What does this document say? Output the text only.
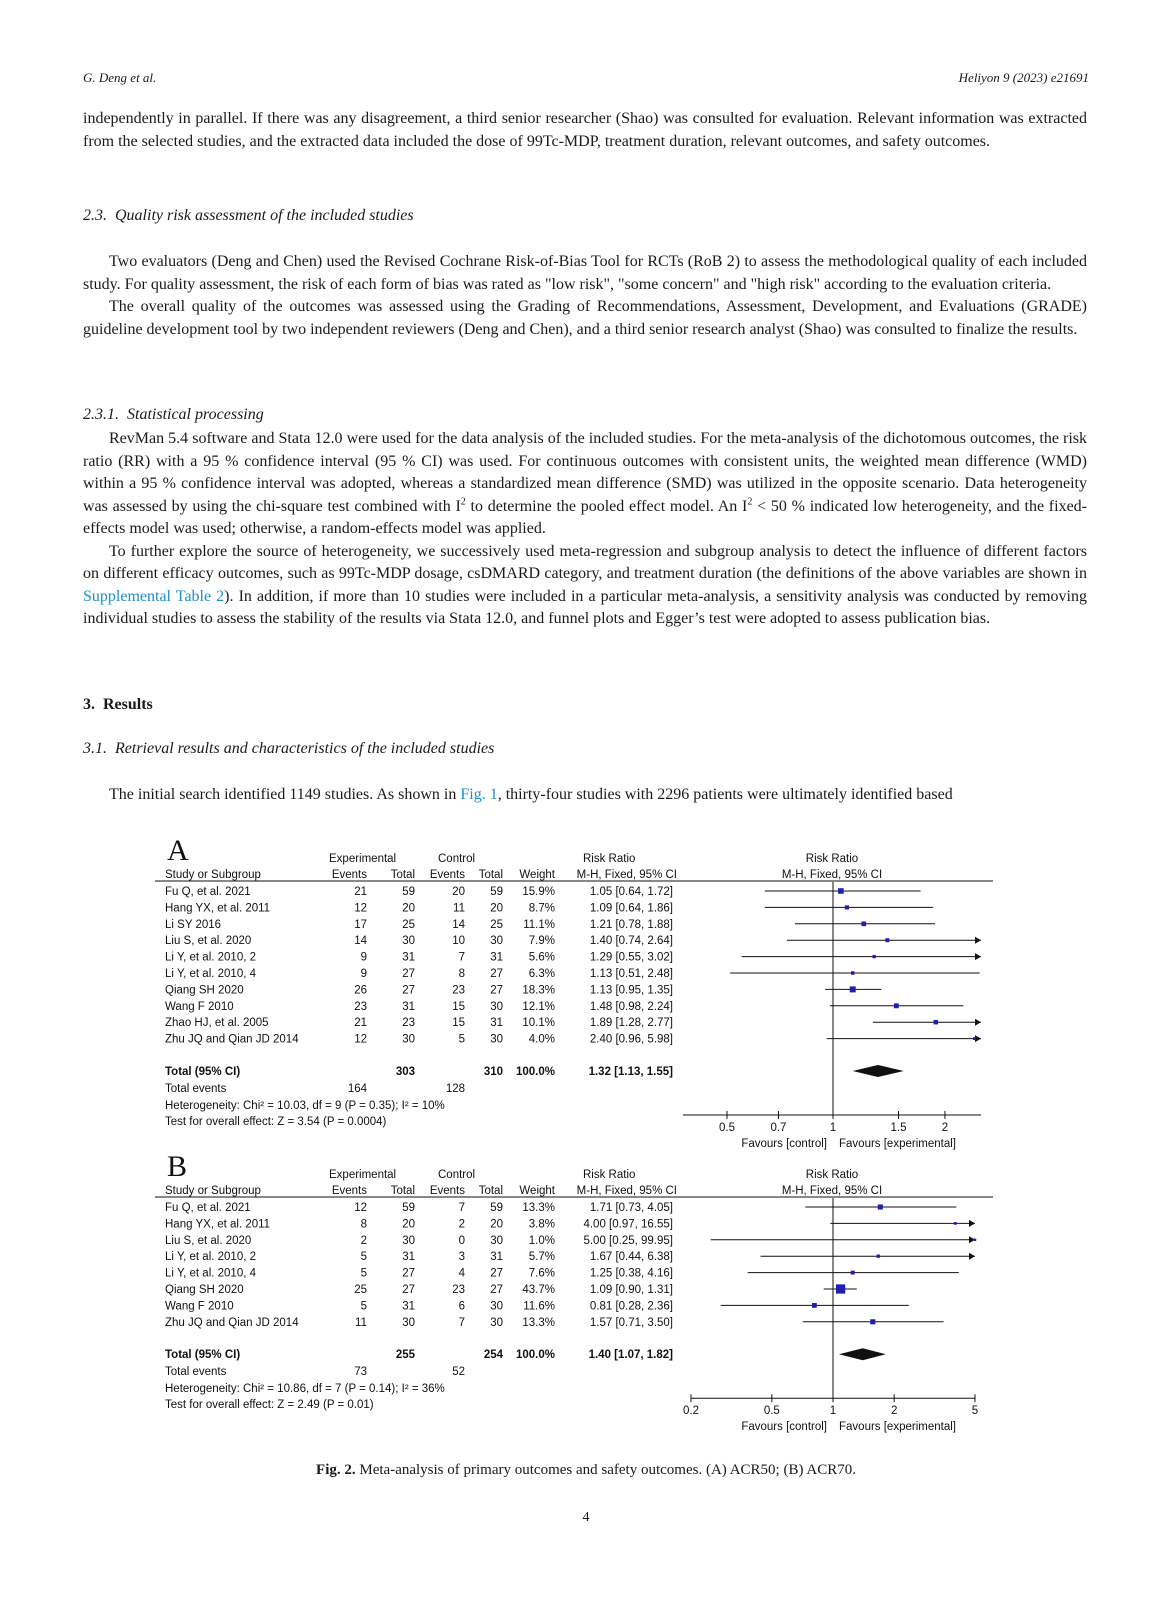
G. Deng et al.	Heliyon 9 (2023) e21691

independently in parallel. If there was any disagreement, a third senior researcher (Shao) was consulted for evaluation. Relevant information was extracted from the selected studies, and the extracted data included the dose of 99Tc-MDP, treatment duration, relevant outcomes, and safety outcomes.

2.3. Quality risk assessment of the included studies

Two evaluators (Deng and Chen) used the Revised Cochrane Risk-of-Bias Tool for RCTs (RoB 2) to assess the methodological quality of each included study. For quality assessment, the risk of each form of bias was rated as "low risk", "some concern" and "high risk" according to the evaluation criteria.

The overall quality of the outcomes was assessed using the Grading of Recommendations, Assessment, Development, and Evaluations (GRADE) guideline development tool by two independent reviewers (Deng and Chen), and a third senior research analyst (Shao) was consulted to finalize the results.

2.3.1. Statistical processing

RevMan 5.4 software and Stata 12.0 were used for the data analysis of the included studies. For the meta-analysis of the dichotomous outcomes, the risk ratio (RR) with a 95 % confidence interval (95 % CI) was used. For continuous outcomes with consistent units, the weighted mean difference (WMD) within a 95 % confidence interval was adopted, whereas a standardized mean difference (SMD) was utilized in the opposite scenario. Data heterogeneity was assessed by using the chi-square test combined with $I^2$ to determine the pooled effect model. An $I^2 < 50$ % indicated low heterogeneity, and the fixed-effects model was used; otherwise, a random-effects model was applied.

To further explore the source of heterogeneity, we successively used meta-regression and subgroup analysis to detect the influence of different factors on different efficacy outcomes, such as 99Tc-MDP dosage, csDMARD category, and treatment duration (the definitions of the above variables are shown in Supplemental Table 2). In addition, if more than 10 studies were included in a particular meta-analysis, a sensitivity analysis was conducted by removing individual studies to assess the stability of the results via Stata 12.0, and funnel plots and Egger’s test were adopted to assess publication bias.

3. Results
3.1. Retrieval results and characteristics of the included studies

The initial search identified 1149 studies. As shown in Fig. 1, thirty-four studies with 2296 patients were ultimately identified based

A	Experimental	Control	Risk Ratio	Risk Ratio
Study or Subgroup	Events Total Events Total Weight M-H, Fixed, 95% CI	M-H, Fixed, 95% CI
Fu Q, et al. 2021	21	59	20 59 15.9%	1.05 [0.64, 1.72]
Hang YX, et al. 2011	12	20	11 20 8.7%	1.09 [0.64, 1.86]
Li SY 2016	17	25	14 25 11.1%	1.21 [0.78, 1.88]
Liu S, et al. 2020	14	30	10 30 7.9%	1.40 [0.74, 2.64]
Li Y, et al. 2010, 2	9	31	7 31 5.6%	1.29 [0.55, 3.02]
Li Y, et al. 2010, 4	9	27	8 27 6.3%	1.13 [0.51, 2.48]
Qiang SH 2020	26	27	23 27 18.3%	1.13 [0.95, 1.35]
Wang F 2010	23	31	15 30 12.1%	1.48 [0.98, 2.24]
Zhao HJ, et al. 2005	21	23	15 31 10.1%	1.89 [1.28, 2.77]
Zhu JQ and Qian JD 2014	12	30	5 30 4.0%	2.40 [0.96, 5.98]
Total (95% CI)	303	310 100.0%	1.32 [1.13, 1.55]
Total events	164	128
Heterogeneity: Chi² = 10.03, df = 9 (P = 0.35); I² = 10%
Test for overall effect: Z = 3.54 (P = 0.0004)	0.5	0.7	1	1.5	2
Favours [control] Favours [experimental]
B	Experimental	Control	Risk Ratio	Risk Ratio
Study or Subgroup	Events Total Events Total Weight M-H, Fixed, 95% CI	M-H, Fixed, 95% CI
Fu Q, et al. 2021	12	59	7 59 13.3%	1.71 [0.73, 4.05]
Hang YX, et al. 2011	8	20	2 20 3.8% 4.00 [0.97, 16.55]
Liu S, et al. 2020	2	30	0 30 1.0% 5.00 [0.25, 99.95]
Li Y, et al. 2010, 2	5	31	3 31 5.7%	1.67 [0.44, 6.38]
Li Y, et al. 2010, 4	5	27	4 27 7.6%	1.25 [0.38, 4.16]
Qiang SH 2020	25	27	23 27 43.7%	1.09 [0.90, 1.31]
Wang F 2010	5	31	6 30 11.6%	0.81 [0.28, 2.36]
Zhu JQ and Qian JD 2014	11	30	7 30 13.3%	1.57 [0.71, 3.50]
Total (95% CI)	255	254 100.0%	1.40 [1.07, 1.82]
Total events	73	52
Heterogeneity: Chi² = 10.86, df = 7 (P = 0.14); I² = 36%
Test for overall effect: Z = 2.49 (P = 0.01)	0.2	0.5	1	2	5
Favours [control] Favours [experimental]
Fig. 2. Meta-analysis of primary outcomes and safety outcomes. (A) ACR50; (B) ACR70.
4
